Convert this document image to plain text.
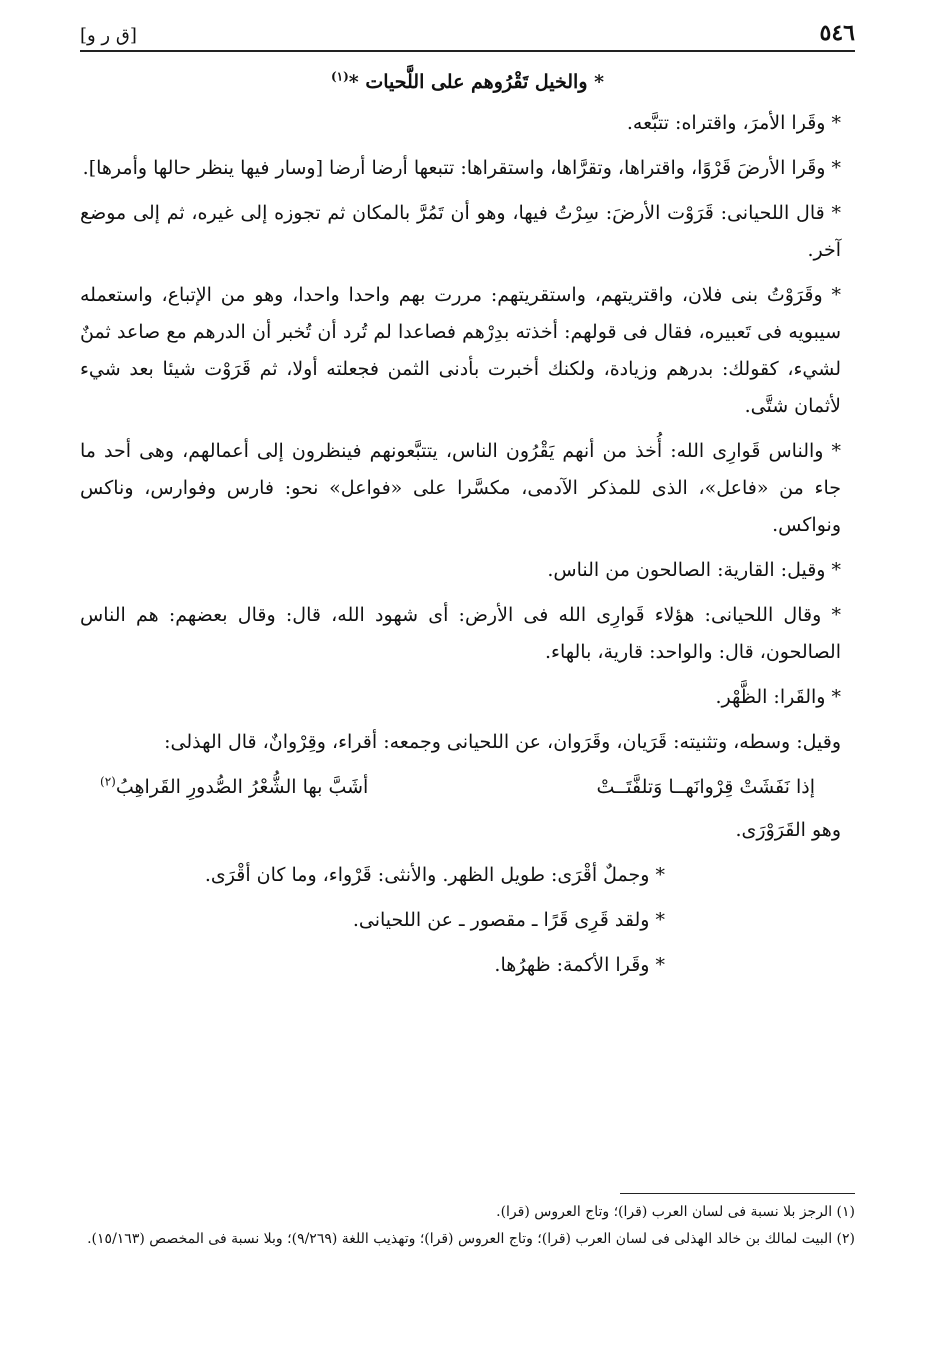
٥٤٦
[ق ر و]
* والخيل تَقْرُوهم على اللَّحيات *$^{(١)}$

* وقَرا الأمرَ، واقتراه: تتبَّعه.

* وقَرا الأرضَ قَرْوًا، واقتراها، وتقرَّاها، واستقراها: تتبعها أرضا أرضا [وسار فيها ينظر حالها وأمرها].

* قال اللحيانى: قَرَوْت الأرضَ: سِرْتُ فيها، وهو أن تَمُرَّ بالمكان ثم تجوزه إلى غيره، ثم إلى موضع آخر.

* وقَرَوْتُ بنى فلان، واقتريتهم، واستقريتهم: مررت بهم واحدا واحدا، وهو من الإتباع، واستعمله سيبويه فى تَعبيره، فقال فى قولهم: أخذته بدِرْهم فصاعدا لم تُرد أن تُخبر أن الدرهم مع صاعد ثمنٌ لشيء، كقولك: بدرهم وزيادة، ولكنك أخبرت بأدنى الثمن فجعلته أولا، ثم قَرَوْت شيئا بعد شيء لأثمان شتَّى.

* والناس قَوارِى الله: أُخذ من أنهم يَقْرُون الناس، يتتبَّعونهم فينظرون إلى أعمالهم، وهى أحد ما جاء من «فاعل»، الذى للمذكر الآدمى، مكسَّرا على «فواعل» نحو: فارس وفوارس، وناكس ونواكس.

* وقيل: القارية: الصالحون من الناس.

* وقال اللحيانى: هؤلاء قَوارِى الله فى الأرض: أى شهود الله، قال: وقال بعضهم: هم الناس الصالحون، قال: والواحد: قارية، بالهاء.

* والقَرا: الظَّهْر.

وقيل: وسطه، وتثنيته: قَرَيان، وقَرَوان، عن اللحيانى وجمعه: أقراء، وقِرْوانٌ، قال الهذلى:

إذا نَفَشَتْ قِرْوانَهــا وَتلفَّتَــتْ
أشَبَّ بها الشُّعْرُ الصُّدورِ القَراهِبُ$^{(٢)}$

وهو القَرَوْرَى.

* وجملٌ أقْرَى: طويل الظهر. والأنثى: قَرْواء، وما كان أقْرَى.

* ولقد قَرِى قَرًا ـ مقصور ـ عن اللحيانى.

* وقَرا الأكمة: ظهرُها.

(١) الرجز بلا نسبة فى لسان العرب (قرا)؛ وتاج العروس (قرا).

(٢) البيت لمالك بن خالد الهذلى فى لسان العرب (قرا)؛ وتاج العروس (قرا)؛ وتهذيب اللغة (٩/٢٦٩)؛ وبلا نسبة فى المخصص (١٥/١٦٣).
